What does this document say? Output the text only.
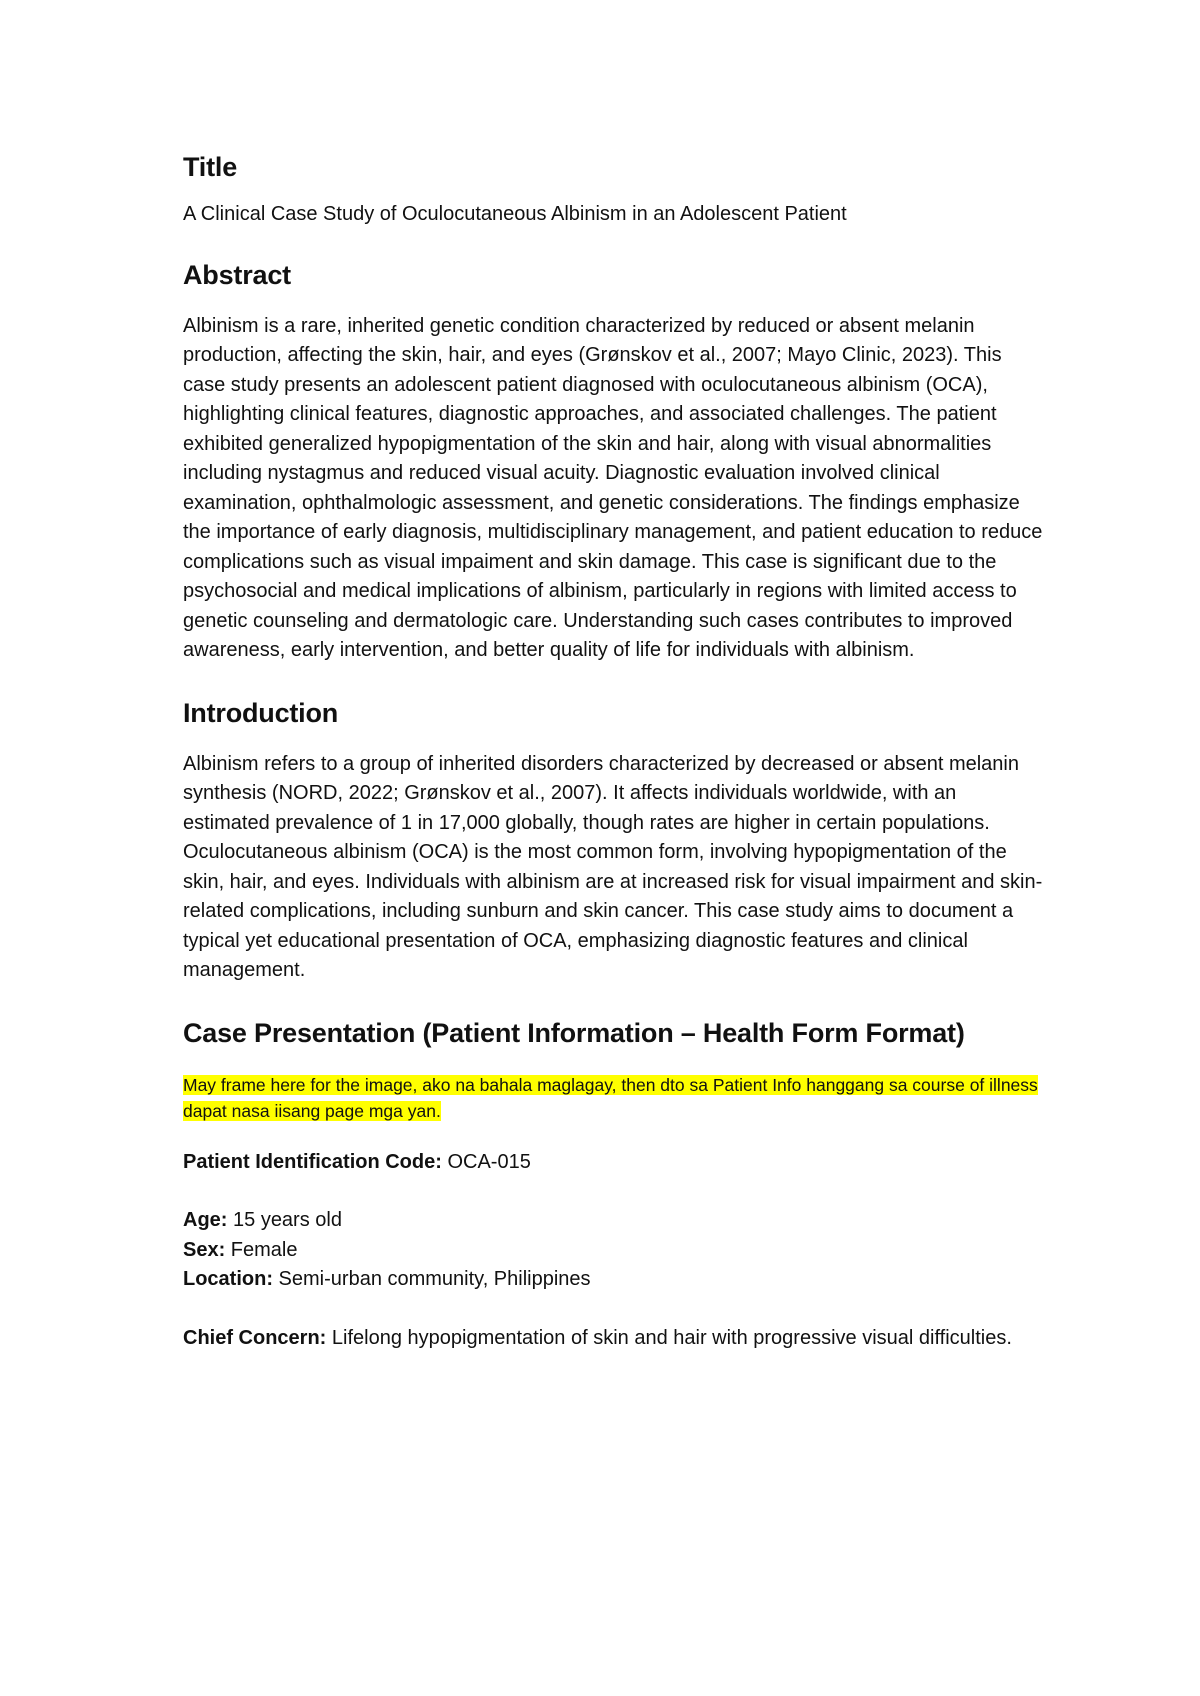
Title

A Clinical Case Study of Oculocutaneous Albinism in an Adolescent Patient

Abstract

Albinism is a rare, inherited genetic condition characterized by reduced or absent melanin production, affecting the skin, hair, and eyes (Grønskov et al., 2007; Mayo Clinic, 2023). This case study presents an adolescent patient diagnosed with oculocutaneous albinism (OCA), highlighting clinical features, diagnostic approaches, and associated challenges. The patient exhibited generalized hypopigmentation of the skin and hair, along with visual abnormalities including nystagmus and reduced visual acuity. Diagnostic evaluation involved clinical examination, ophthalmologic assessment, and genetic considerations. The findings emphasize the importance of early diagnosis, multidisciplinary management, and patient education to reduce complications such as visual impaiment and skin damage. This case is significant due to the psychosocial and medical implications of albinism, particularly in regions with limited access to genetic counseling and dermatologic care. Understanding such cases contributes to improved awareness, early intervention, and better quality of life for individuals with albinism.

Introduction

Albinism refers to a group of inherited disorders characterized by decreased or absent melanin synthesis (NORD, 2022; Grønskov et al., 2007). It affects individuals worldwide, with an estimated prevalence of 1 in 17,000 globally, though rates are higher in certain populations. Oculocutaneous albinism (OCA) is the most common form, involving hypopigmentation of the skin, hair, and eyes. Individuals with albinism are at increased risk for visual impairment and skin-related complications, including sunburn and skin cancer. This case study aims to document a typical yet educational presentation of OCA, emphasizing diagnostic features and clinical management.

Case Presentation (Patient Information – Health Form Format)

May frame here for the image, ako na bahala maglagay, then dto sa Patient Info hanggang sa course of illness dapat nasa iisang page mga yan.

Patient Identification Code: OCA-015
Age: 15 years old
Sex: Female
Location: Semi-urban community, Philippines
Chief Concern: Lifelong hypopigmentation of skin and hair with progressive visual difficulties.
